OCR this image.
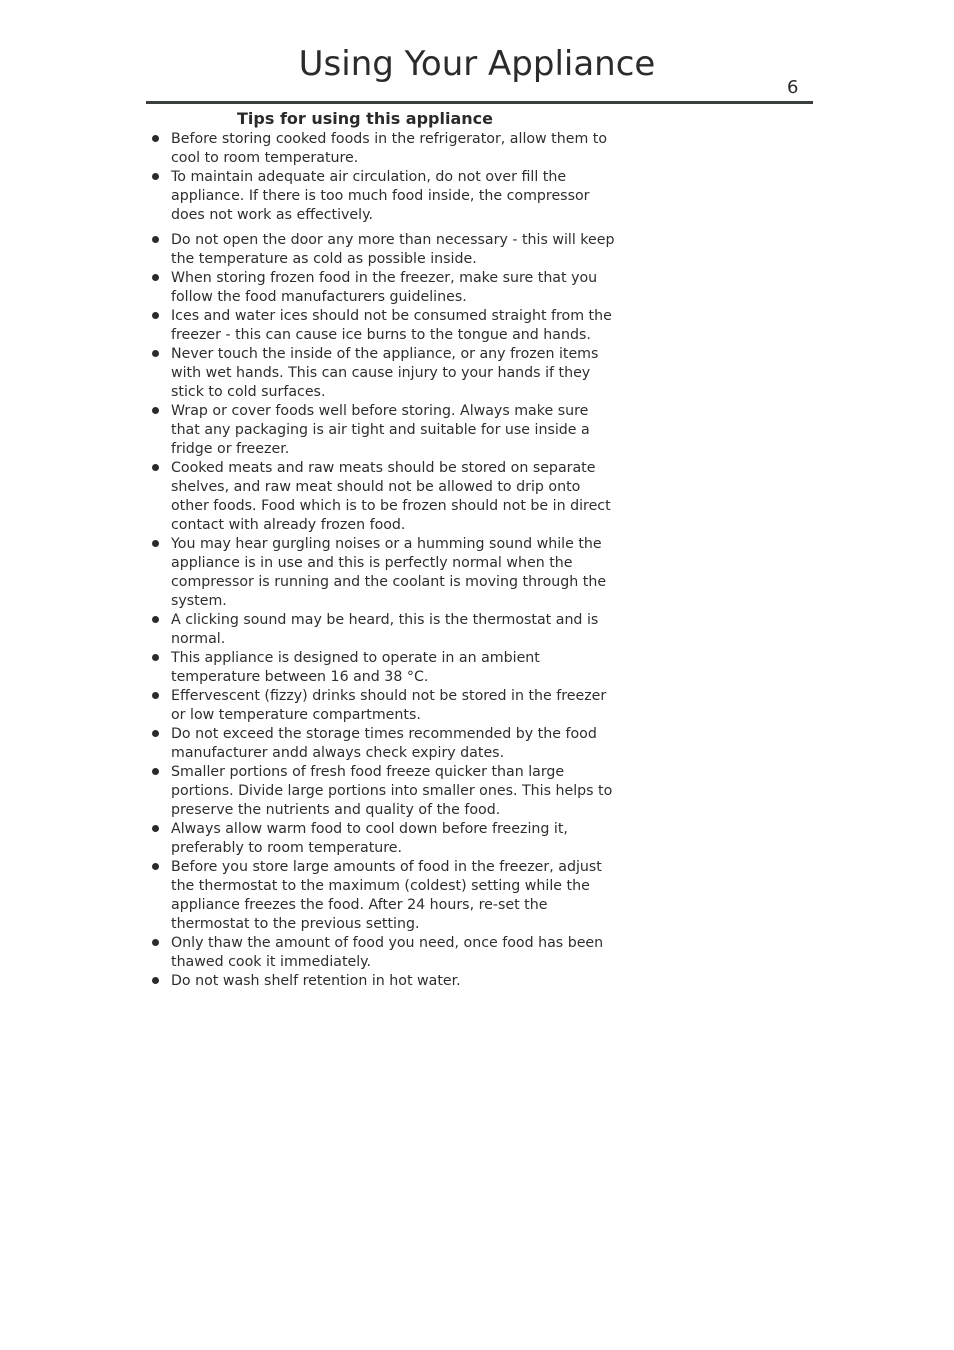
Using Your Appliance
6
Tips for using this appliance
Before storing cooked foods in the refrigerator, allow them to cool to room temperature.
To maintain adequate air circulation, do not over fill the appliance. If there is too much food inside, the compressor does not work as effectively.
Do not open the door any more than necessary - this will keep the temperature as cold as possible inside.
When storing frozen food in the freezer, make sure that you follow the food manufacturers guidelines.
Ices and water ices should not be consumed straight from the freezer - this can cause ice burns to the tongue and hands.
Never touch the inside of the appliance, or any frozen items with wet hands. This can cause injury to your hands if they stick to cold surfaces.
Wrap or cover foods well before storing. Always make sure that any packaging is air tight and suitable for use inside a fridge or freezer.
Cooked meats and raw meats should be stored on separate shelves, and raw meat should not be allowed to drip onto other foods. Food which is to be frozen should not be in direct contact with already frozen food.
You may hear gurgling noises or a humming sound while the appliance is in use and this is perfectly normal when the compressor is running and the coolant is moving through the system.
A clicking sound may be heard, this is the thermostat and is normal.
This appliance is designed to operate in an ambient temperature between 16 and 38 °C.
Effervescent (fizzy) drinks should not be stored in the freezer or low temperature compartments.
Do not exceed the storage times recommended by the food manufacturer andd always check expiry dates.
Smaller portions of fresh food freeze quicker than large portions. Divide large portions into smaller ones. This helps to preserve the nutrients and quality of the food.
Always allow warm food to cool down before freezing it, preferably to room temperature.
Before you store large amounts of food in the freezer, adjust the thermostat to the maximum (coldest) setting while the appliance freezes the food. After 24 hours, re-set the thermostat to the previous setting.
Only thaw the amount of food you need, once food has been thawed cook it immediately.
Do not wash shelf retention in hot water.
